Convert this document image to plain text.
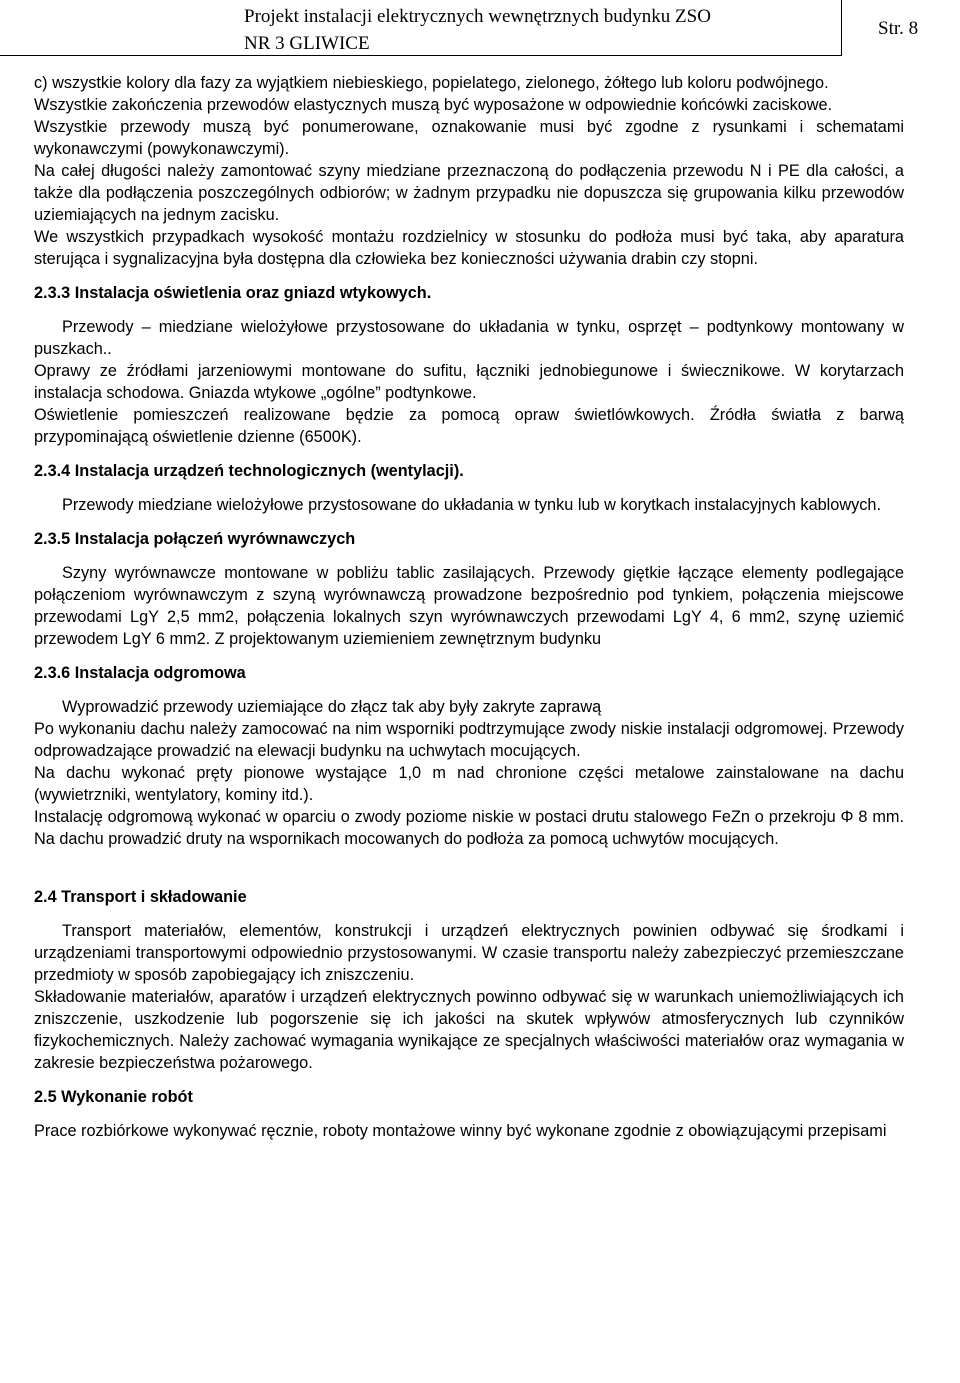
Projekt instalacji elektrycznych wewnętrznych budynku ZSO
NR 3 GLIWICE
Str. 8

c) wszystkie kolory dla fazy za wyjątkiem niebieskiego, popielatego, zielonego, żółtego lub koloru podwójnego.

Wszystkie zakończenia przewodów elastycznych muszą być wyposażone w odpowiednie końcówki zaciskowe.

Wszystkie przewody muszą być ponumerowane, oznakowanie musi być zgodne z rysunkami i schematami wykonawczymi (powykonawczymi).

Na całej długości należy zamontować szyny miedziane przeznaczoną do podłączenia przewodu N i PE dla całości, a także dla podłączenia poszczególnych odbiorów; w żadnym przypadku nie dopuszcza się grupowania kilku przewodów uziemiających na jednym zacisku.

We wszystkich przypadkach wysokość montażu rozdzielnicy w stosunku do podłoża musi być taka, aby aparatura sterująca i sygnalizacyjna była dostępna dla człowieka bez konieczności używania drabin czy stopni.

2.3.3 Instalacja oświetlenia oraz gniazd wtykowych.

Przewody – miedziane wielożyłowe przystosowane do układania w tynku, osprzęt – podtynkowy montowany w puszkach..

Oprawy ze źródłami jarzeniowymi montowane do sufitu, łączniki jednobiegunowe i świecznikowe. W korytarzach instalacja schodowa. Gniazda wtykowe „ogólne” podtynkowe.

Oświetlenie pomieszczeń realizowane będzie za pomocą opraw świetlówkowych. Źródła światła z barwą przypominającą oświetlenie dzienne (6500K).

2.3.4 Instalacja urządzeń technologicznych (wentylacji).

Przewody miedziane wielożyłowe przystosowane do układania w tynku lub w korytkach instalacyjnych kablowych.

2.3.5 Instalacja połączeń wyrównawczych

Szyny wyrównawcze montowane w pobliżu tablic zasilających. Przewody giętkie łączące elementy podlegające połączeniom wyrównawczym z szyną wyrównawczą prowadzone bezpośrednio pod tynkiem, połączenia miejscowe przewodami LgY 2,5 mm2, połączenia lokalnych szyn wyrównawczych przewodami LgY 4, 6 mm2, szynę uziemić przewodem LgY 6 mm2. Z projektowanym uziemieniem zewnętrznym budynku

2.3.6 Instalacja odgromowa

Wyprowadzić przewody uziemiające do złącz tak aby były zakryte zaprawą

Po wykonaniu dachu należy zamocować na nim wsporniki podtrzymujące zwody niskie instalacji odgromowej. Przewody odprowadzające prowadzić na elewacji budynku na uchwytach mocujących.

Na dachu wykonać pręty pionowe wystające 1,0 m nad chronione części metalowe zainstalowane na dachu (wywietrzniki, wentylatory, kominy itd.).

Instalację odgromową wykonać w oparciu o zwody poziome niskie w postaci drutu stalowego FeZn o przekroju Φ 8 mm. Na dachu prowadzić druty na wspornikach mocowanych do podłoża za pomocą uchwytów mocujących.

2.4 Transport i składowanie

Transport materiałów, elementów, konstrukcji i urządzeń elektrycznych powinien odbywać się środkami i urządzeniami transportowymi odpowiednio przystosowanymi. W czasie transportu należy zabezpieczyć przemieszczane przedmioty w sposób zapobiegający ich zniszczeniu.

Składowanie materiałów, aparatów i urządzeń elektrycznych powinno odbywać się w warunkach uniemożliwiających ich zniszczenie, uszkodzenie lub pogorszenie się ich jakości na skutek wpływów atmosferycznych lub czynników fizykochemicznych. Należy zachować wymagania wynikające ze specjalnych właściwości materiałów oraz wymagania w zakresie bezpieczeństwa pożarowego.

2.5 Wykonanie robót

Prace rozbiórkowe wykonywać ręcznie, roboty montażowe winny być wykonane zgodnie z obowiązującymi przepisami
